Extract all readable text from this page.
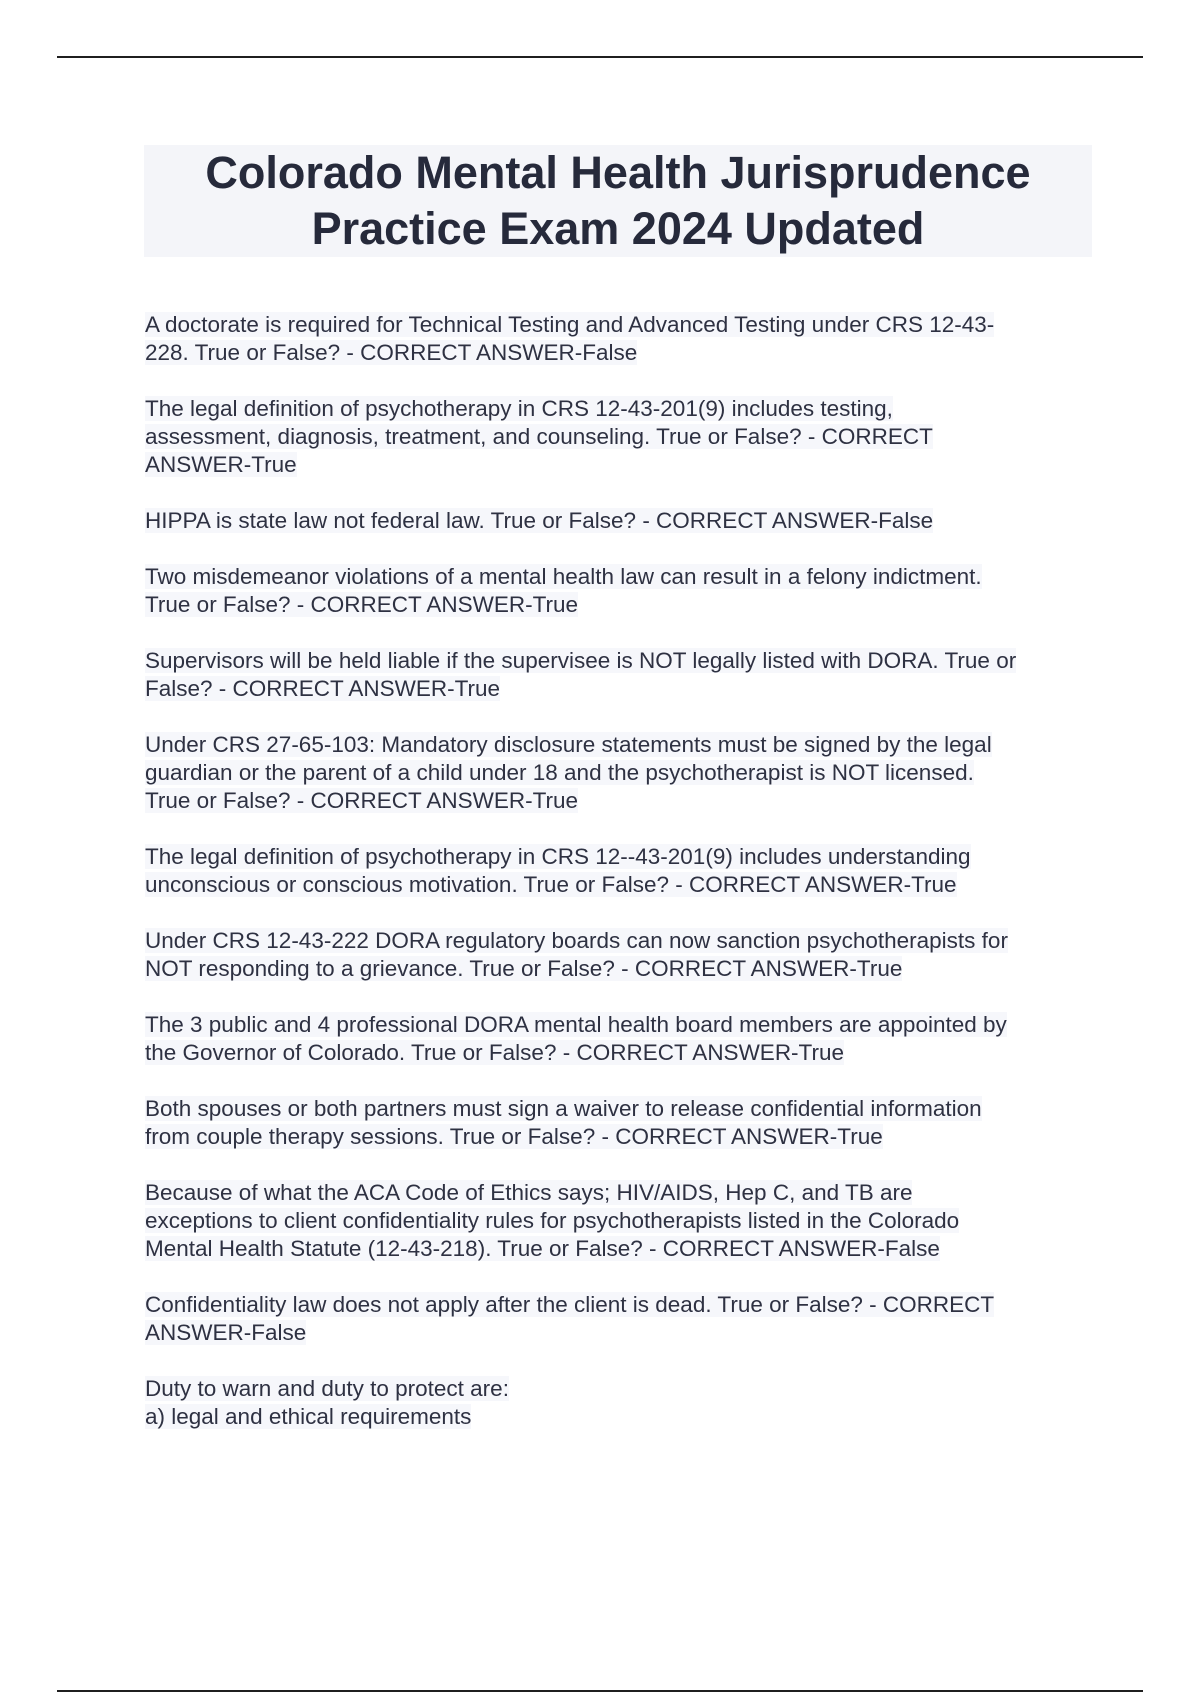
Colorado Mental Health Jurisprudence
Practice Exam 2024 Updated
A doctorate is required for Technical Testing and Advanced Testing under CRS 12-43-
228. True or False? - CORRECT ANSWER-False
The legal definition of psychotherapy in CRS 12-43-201(9) includes testing,
assessment, diagnosis, treatment, and counseling. True or False? - CORRECT
ANSWER-True
HIPPA is state law not federal law. True or False? - CORRECT ANSWER-False
Two misdemeanor violations of a mental health law can result in a felony indictment.
True or False? - CORRECT ANSWER-True
Supervisors will be held liable if the supervisee is NOT legally listed with DORA. True or
False? - CORRECT ANSWER-True
Under CRS 27-65-103: Mandatory disclosure statements must be signed by the legal
guardian or the parent of a child under 18 and the psychotherapist is NOT licensed.
True or False? - CORRECT ANSWER-True
The legal definition of psychotherapy in CRS 12--43-201(9) includes understanding
unconscious or conscious motivation. True or False? - CORRECT ANSWER-True
Under CRS 12-43-222 DORA regulatory boards can now sanction psychotherapists for
NOT responding to a grievance. True or False? - CORRECT ANSWER-True
The 3 public and 4 professional DORA mental health board members are appointed by
the Governor of Colorado. True or False? - CORRECT ANSWER-True
Both spouses or both partners must sign a waiver to release confidential information
from couple therapy sessions. True or False? - CORRECT ANSWER-True
Because of what the ACA Code of Ethics says; HIV/AIDS, Hep C, and TB are
exceptions to client confidentiality rules for psychotherapists listed in the Colorado
Mental Health Statute (12-43-218). True or False? - CORRECT ANSWER-False
Confidentiality law does not apply after the client is dead. True or False? - CORRECT
ANSWER-False
Duty to warn and duty to protect are:
a) legal and ethical requirements
